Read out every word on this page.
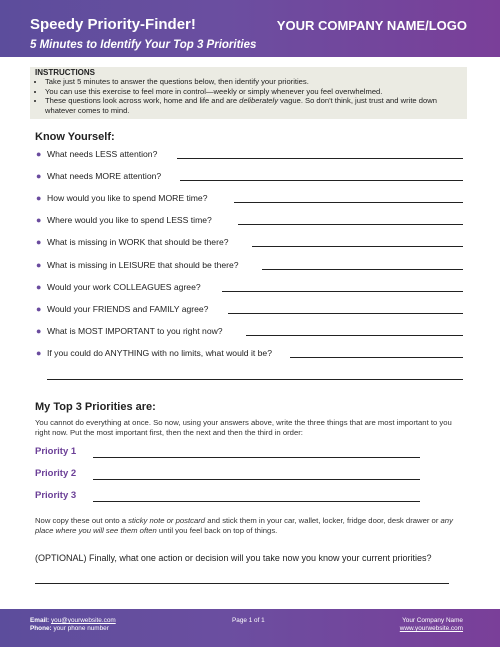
Speedy Priority-Finder!
5 Minutes to Identify Your Top 3 Priorities
YOUR COMPANY NAME/LOGO
INSTRUCTIONS
• Take just 5 minutes to answer the questions below, then identify your priorities.
• You can use this exercise to feel more in control—weekly or simply whenever you feel overwhelmed.
• These questions look across work, home and life and are deliberately vague. So don't think, just trust and write down whatever comes to mind.
Know Yourself:
● What needs LESS attention?
● What needs MORE attention?
● How would you like to spend MORE time?
● Where would you like to spend LESS time?
● What is missing in WORK that should be there?
● What is missing in LEISURE that should be there?
● Would your work COLLEAGUES agree?
● Would your FRIENDS and FAMILY agree?
● What is MOST IMPORTANT to you right now?
● If you could do ANYTHING with no limits, what would it be?
My Top 3 Priorities are:
You cannot do everything at once. So now, using your answers above, write the three things that are most important to you right now. Put the most important first, then the next and then the third in order:
Priority 1
Priority 2
Priority 3
Now copy these out onto a sticky note or postcard and stick them in your car, wallet, locker, fridge door, desk drawer or any place where you will see them often until you feel back on top of things.
(OPTIONAL) Finally, what one action or decision will you take now you know your current priorities?
Email: you@yourwebsite.com
Phone: your phone number
Page 1 of 1	Your Company Name
www.yourwebsite.com
